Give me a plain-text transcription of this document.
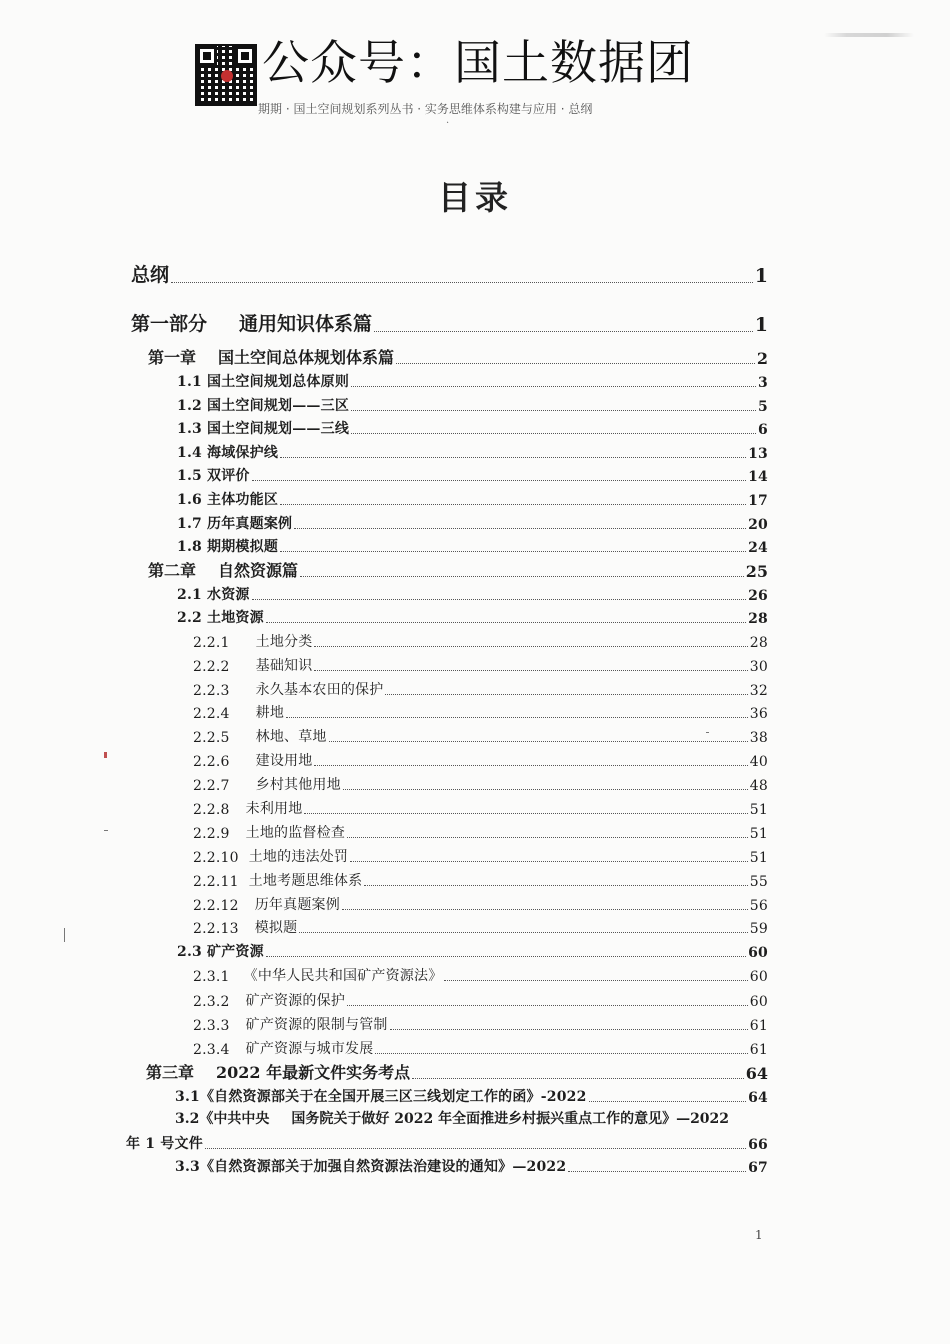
公众号：国土数据团
期期 · 国土空间规划系列丛书 · 实务思维体系构建与应用 · 总纲
·
目录
总纲	1
第一部分 通用知识体系篇	1
第一章 国土空间总体规划体系篇	2
1.1 国土空间规划总体原则	3
1.2 国土空间规划——三区	5
1.3 国土空间规划——三线	6
1.4 海域保护线	13
1.5 双评价	14
1.6 主体功能区	17
1.7 历年真题案例	20
1.8 期期模拟题	24
第二章 自然资源篇	25
2.1 水资源	26
2.2 土地资源	28
2.2.1 土地分类	28
2.2.2 基础知识	30
2.2.3 永久基本农田的保护	32
2.2.4 耕地	36
2.2.5 林地、草地	38
2.2.6 建设用地	40
2.2.7 乡村其他用地	48
2.2.8 未利用地	51
2.2.9 土地的监督检查	51
2.2.10 土地的违法处罚	51
2.2.11 土地考题思维体系	55
2.2.12 历年真题案例	56
2.2.13 模拟题	59
2.3 矿产资源	60
2.3.1 《中华人民共和国矿产资源法》	60
2.3.2 矿产资源的保护	60
2.3.3 矿产资源的限制与管制	61
2.3.4 矿产资源与城市发展	61
第三章 2022 年最新文件实务考点	64
3.1《自然资源部关于在全国开展三区三线划定工作的函》-2022	64
3.2《中共中央 国务院关于做好 2022 年全面推进乡村振兴重点工作的意见》—2022
年 1 号文件	66
3.3《自然资源部关于加强自然资源法治建设的通知》—2022	67
1
